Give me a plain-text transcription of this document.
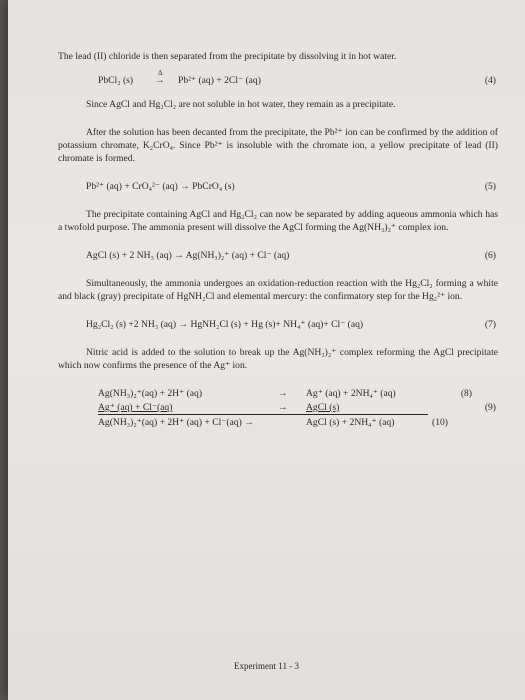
The lead (II) chloride is then separated from the precipitate by dissolving it in hot water.

PbCl₂ (s)
Δ
→ Pb²⁺ (aq) + 2Cl⁻ (aq)	(4)

Since AgCl and Hg₂Cl₂ are not soluble in hot water, they remain as a precipitate.

After the solution has been decanted from the precipitate, the Pb²⁺ ion can be confirmed by the addition of potassium chromate, K₂CrO₄. Since Pb²⁺ is insoluble with the chromate ion, a yellow precipitate of lead (II) chromate is formed.

Pb²⁺ (aq) + CrO₄²⁻ (aq) → PbCrO₄ (s)	(5)

The precipitate containing AgCl and Hg₂Cl₂ can now be separated by adding aqueous ammonia which has a twofold purpose. The ammonia present will dissolve the AgCl forming the Ag(NH₃)₂⁺ complex ion.

AgCl (s) + 2 NH₃ (aq) → Ag(NH₃)₂⁺ (aq) + Cl⁻ (aq)	(6)

Simultaneously, the ammonia undergoes an oxidation-reduction reaction with the Hg₂Cl₂ forming a white and black (gray) precipitate of HgNH₂Cl and elemental mercury: the confirmatory step for the Hg₂²⁺ ion.

Hg₂Cl₂ (s) +2 NH₃ (aq) → HgNH₂Cl (s) + Hg (s)+ NH₄⁺ (aq)+ Cl⁻ (aq)	(7)

Nitric acid is added to the solution to break up the Ag(NH₃)₂⁺ complex reforming the AgCl precipitate which now confirms the presence of the Ag⁺ ion.

Ag(NH₃)₂⁺(aq) + 2H⁺ (aq)	→ Ag⁺ (aq) + 2NH₄⁺ (aq)	(8)
Ag⁺ (aq) + Cl⁻(aq)	→ AgCl (s)	(9)
Ag(NH₃)₂⁺(aq) + 2H⁺ (aq) + Cl⁻(aq) →	AgCl (s) + 2NH₄⁺ (aq)	(10)
Experiment 11 - 3
